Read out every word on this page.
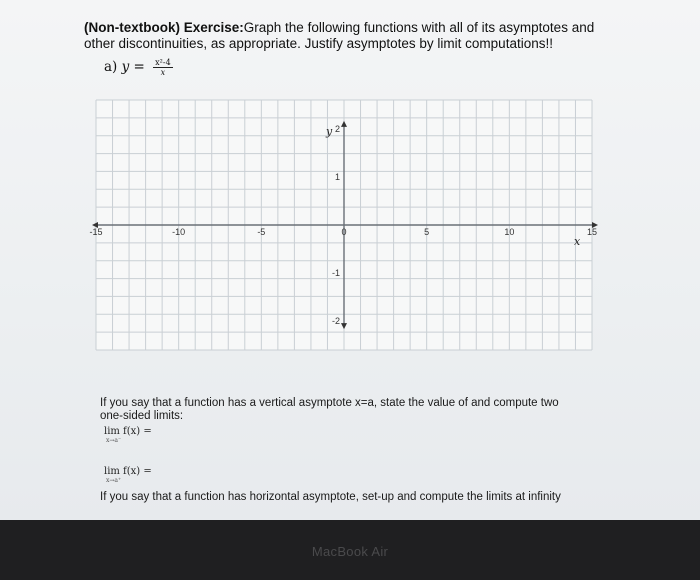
(Non-textbook) Exercise:Graph the following functions with all of its asymptotes and other discontinuities, as appropriate. Justify asymptotes by limit computations!!
a) $y = \frac{\text{x²-4}}{x}$
-15	-10	-5	0	5	10	15
2
1
-1
-2
x
y
If you say that a function has a vertical asymptote x=a, state the value of and compute two one-sided limits:
lim f(x) =
x→a⁻
lim f(x) =
x→a⁺
If you say that a function has horizontal asymptote, set-up and compute the limits at infinity
MacBook Air
